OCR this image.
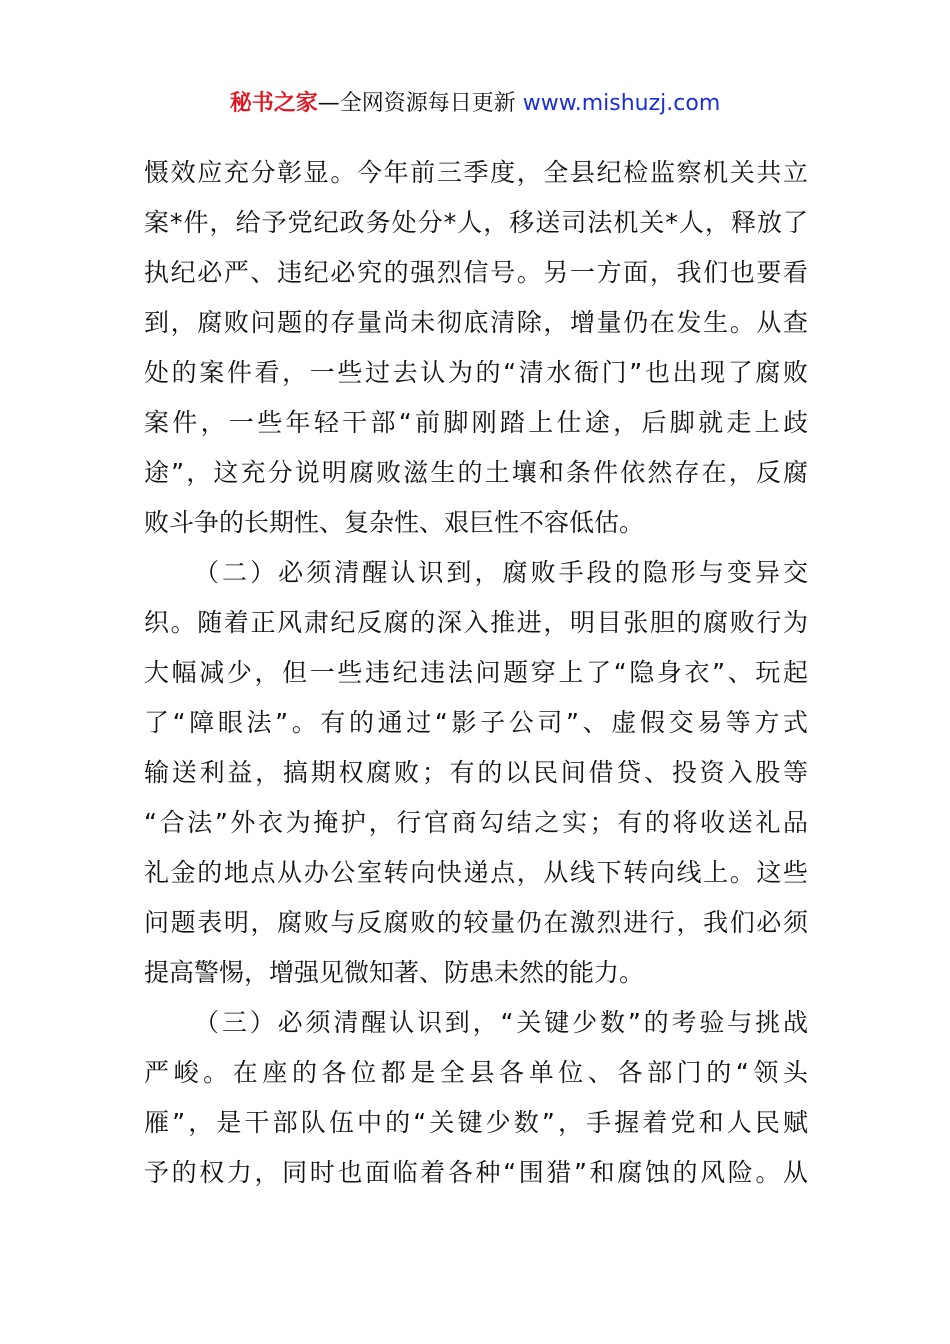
秘书之家—全网资源每日更新 www.mishuzj.com
慑效应充分彰显。今年前三季度，全县纪检监察机关共立
案*件，给予党纪政务处分*人，移送司法机关*人，释放了
执纪必严、违纪必究的强烈信号。另一方面，我们也要看
到，腐败问题的存量尚未彻底清除，增量仍在发生。从查
处的案件看，一些过去认为的“清水衙门”也出现了腐败
案件，一些年轻干部“前脚刚踏上仕途，后脚就走上歧
途”，这充分说明腐败滋生的土壤和条件依然存在，反腐
败斗争的长期性、复杂性、艰巨性不容低估。
（二）必须清醒认识到，腐败手段的隐形与变异交
织。随着正风肃纪反腐的深入推进，明目张胆的腐败行为
大幅减少，但一些违纪违法问题穿上了“隐身衣”、玩起
了“障眼法”。有的通过“影子公司”、虚假交易等方式
输送利益，搞期权腐败；有的以民间借贷、投资入股等
“合法”外衣为掩护，行官商勾结之实；有的将收送礼品
礼金的地点从办公室转向快递点，从线下转向线上。这些
问题表明，腐败与反腐败的较量仍在激烈进行，我们必须
提高警惕，增强见微知著、防患未然的能力。
（三）必须清醒认识到，“关键少数”的考验与挑战
严峻。在座的各位都是全县各单位、各部门的“领头
雁”，是干部队伍中的“关键少数”，手握着党和人民赋
予的权力，同时也面临着各种“围猎”和腐蚀的风险。从
